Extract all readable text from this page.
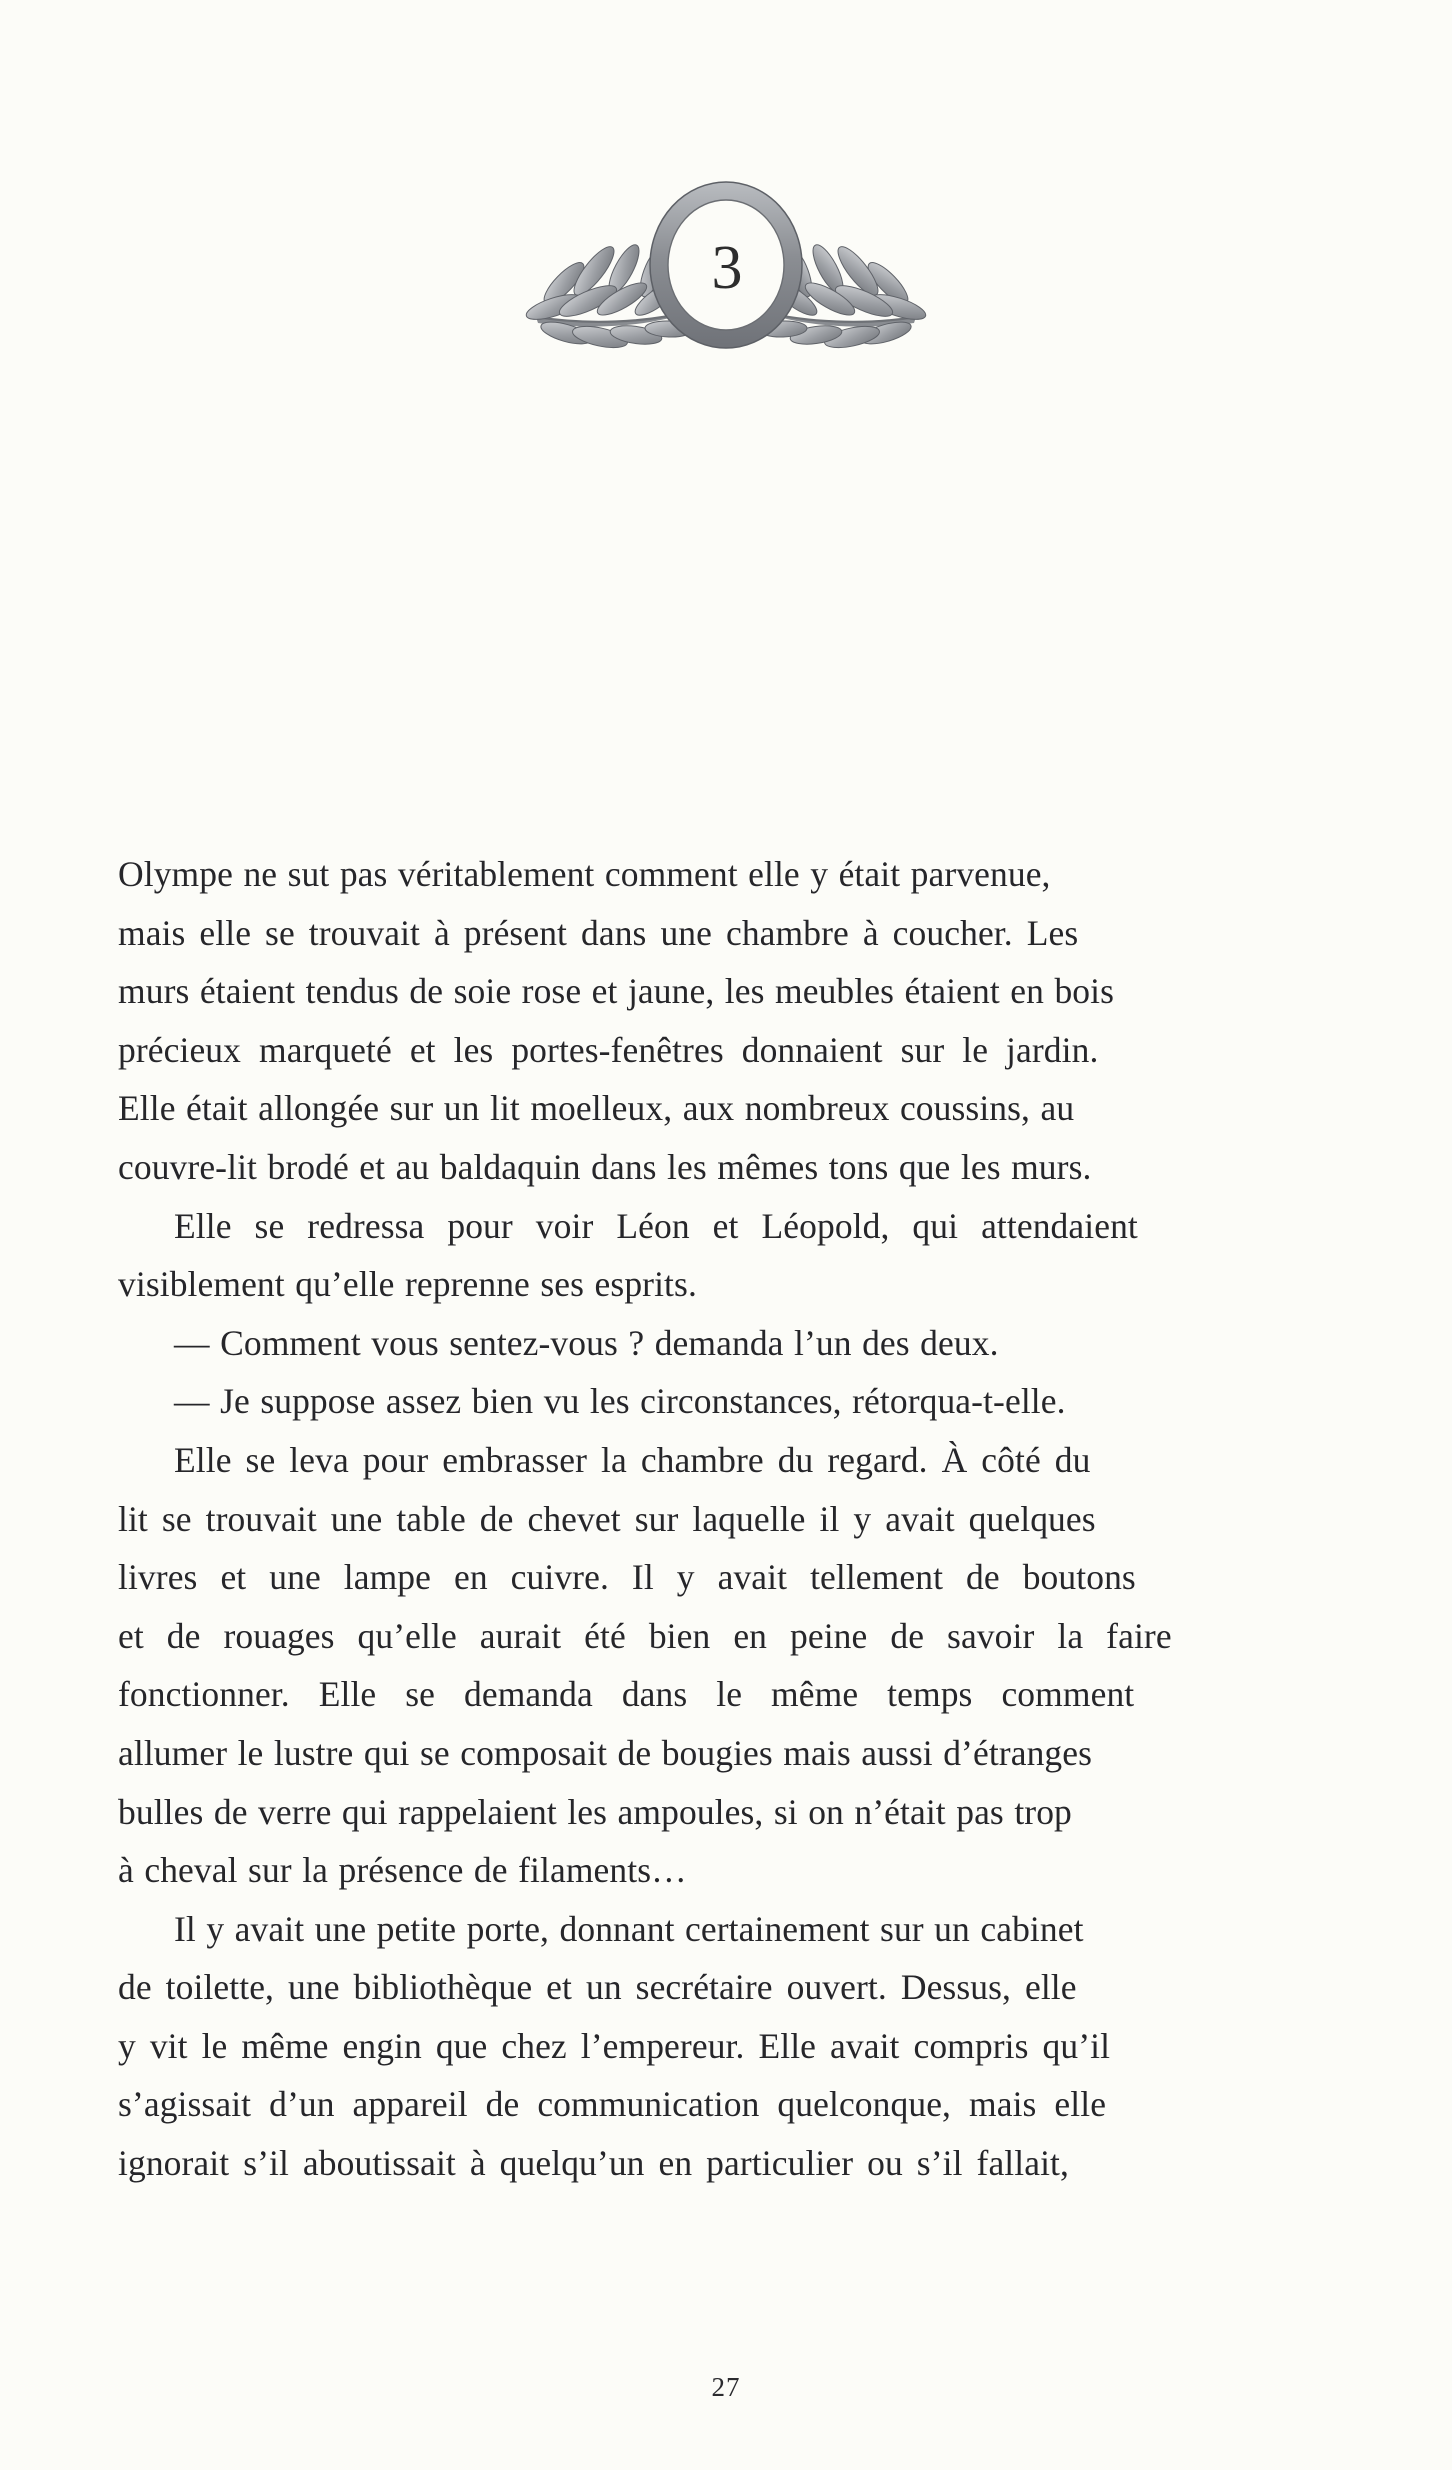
3
Olympe ne sut pas véritablement comment elle y était parvenue,
mais elle se trouvait à présent dans une chambre à coucher. Les
murs étaient tendus de soie rose et jaune, les meubles étaient en bois
précieux marqueté et les portes-fenêtres donnaient sur le jardin.
Elle était allongée sur un lit moelleux, aux nombreux coussins, au
couvre-lit brodé et au baldaquin dans les mêmes tons que les murs.
Elle se redressa pour voir Léon et Léopold, qui attendaient
visiblement qu’elle reprenne ses esprits.
— Comment vous sentez-vous ? demanda l’un des deux.
— Je suppose assez bien vu les circonstances, rétorqua-t-elle.
Elle se leva pour embrasser la chambre du regard. À côté du
lit se trouvait une table de chevet sur laquelle il y avait quelques
livres et une lampe en cuivre. Il y avait tellement de boutons
et de rouages qu’elle aurait été bien en peine de savoir la faire
fonctionner. Elle se demanda dans le même temps comment
allumer le lustre qui se composait de bougies mais aussi d’étranges
bulles de verre qui rappelaient les ampoules, si on n’était pas trop
à cheval sur la présence de filaments…
Il y avait une petite porte, donnant certainement sur un cabinet
de toilette, une bibliothèque et un secrétaire ouvert. Dessus, elle
y vit le même engin que chez l’empereur. Elle avait compris qu’il
s’agissait d’un appareil de communication quelconque, mais elle
ignorait s’il aboutissait à quelqu’un en particulier ou s’il fallait,
27
